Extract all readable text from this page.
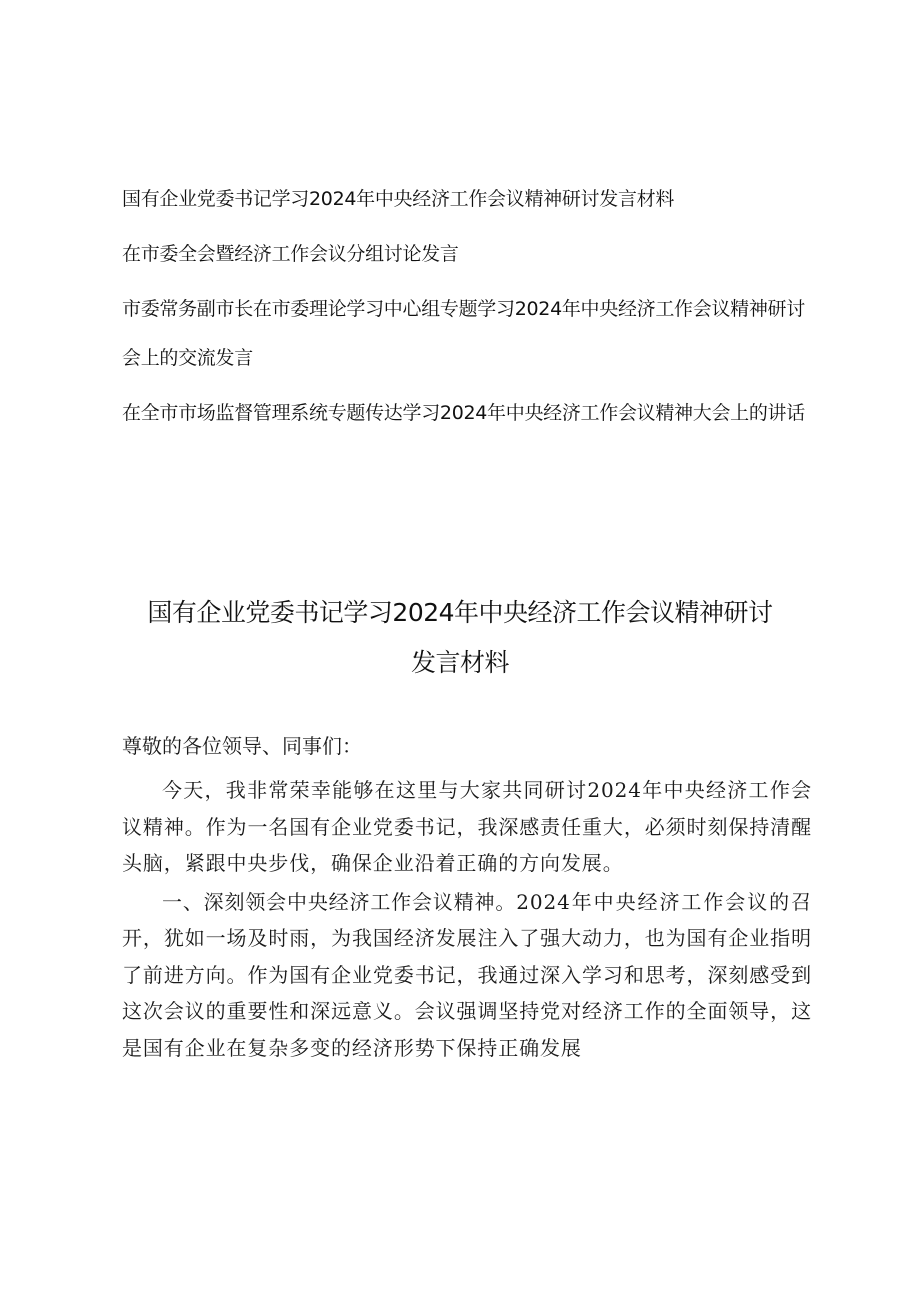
国有企业党委书记学习2024年中央经济工作会议精神研讨发言材料
在市委全会暨经济工作会议分组讨论发言
市委常务副市长在市委理论学习中心组专题学习2024年中央经济工作会议精神研讨
会上的交流发言
在全市市场监督管理系统专题传达学习2024年中央经济工作会议精神大会上的讲话
国有企业党委书记学习2024年中央经济工作会议精神研讨发言材料

尊敬的各位领导、同事们：

今天，我非常荣幸能够在这里与大家共同研讨2024年中央经济工作会议精神。作为一名国有企业党委书记，我深感责任重大，必须时刻保持清醒头脑，紧跟中央步伐，确保企业沿着正确的方向发展。

一、深刻领会中央经济工作会议精神。2024年中央经济工作会议的召开，犹如一场及时雨，为我国经济发展注入了强大动力，也为国有企业指明了前进方向。作为国有企业党委书记，我通过深入学习和思考，深刻感受到这次会议的重要性和深远意义。会议强调坚持党对经济工作的全面领导，这是国有企业在复杂多变的经济形势下保持正确发展
